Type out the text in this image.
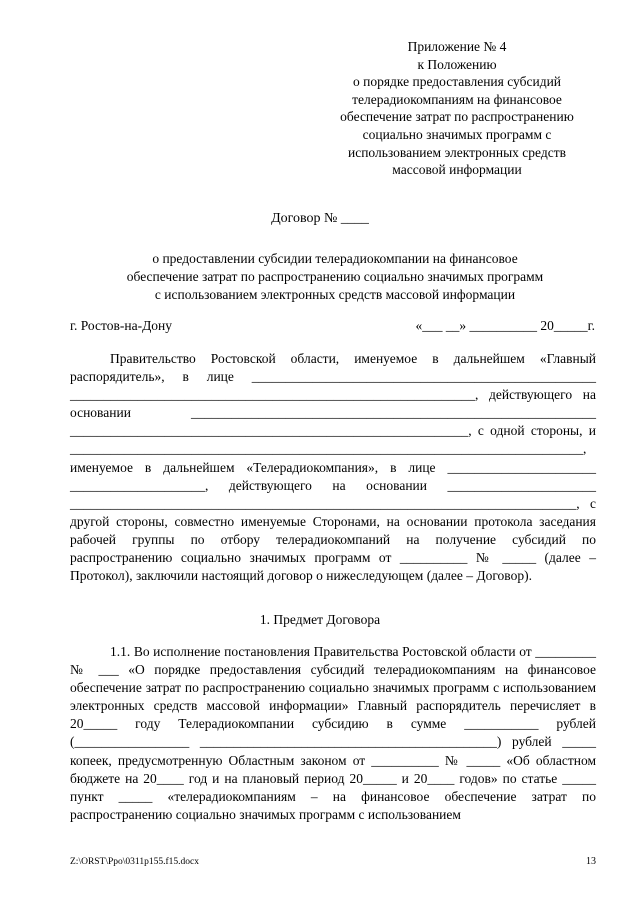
Приложение № 4
к Положению
о порядке предоставления субсидий
телерадиокомпаниям на финансовое
обеспечение затрат по распространению
социально значимых программ с
использованием электронных средств
массовой информации
Договор № ____
о предоставлении субсидии телерадиокомпании на финансовое
обеспечение затрат по распространению социально значимых программ
с использованием электронных средств массовой информации
г. Ростов-на-Дону	«___ __» __________ 20_____г.

Правительство Ростовской области, именуемое в дальнейшем «Главный распорядитель», в лице ___________________________________________________ ____________________________________________________________, действующего на основании ____________________________________________________________ ___________________________________________________________, с одной стороны, и ____________________________________________________________________________, именуемое в дальнейшем «Телерадиокомпания», в лице ______________________ ____________________, действующего на основании ______________________ ___________________________________________________________________________, с другой стороны, совместно именуемые Сторонами, на основании протокола заседания рабочей группы по отбору телерадиокомпаний на получение субсидий по распространению социально значимых программ от __________ № _____ (далее – Протокол), заключили настоящий договор о нижеследующем (далее – Договор).

1. Предмет Договора

1.1. Во исполнение постановления Правительства Ростовской области от _________ № ___ «О порядке предоставления субсидий телерадиокомпаниям на финансовое обеспечение затрат по распространению социально значимых программ с использованием электронных средств массовой информации» Главный распорядитель перечисляет в 20_____ году Телерадиокомпании субсидию в сумме ___________ рублей (_________________ ____________________________________________) рублей _____ копеек, предусмотренную Областным законом от __________ № _____ «Об областном бюджете на 20____ год и на плановый период 20_____ и 20____ годов» по статье _____ пункт _____ «телерадиокомпаниям – на финансовое обеспечение затрат по распространению социально значимых программ с использованием

Z:\ORST\Ppo\0311p155.f15.docx	13
